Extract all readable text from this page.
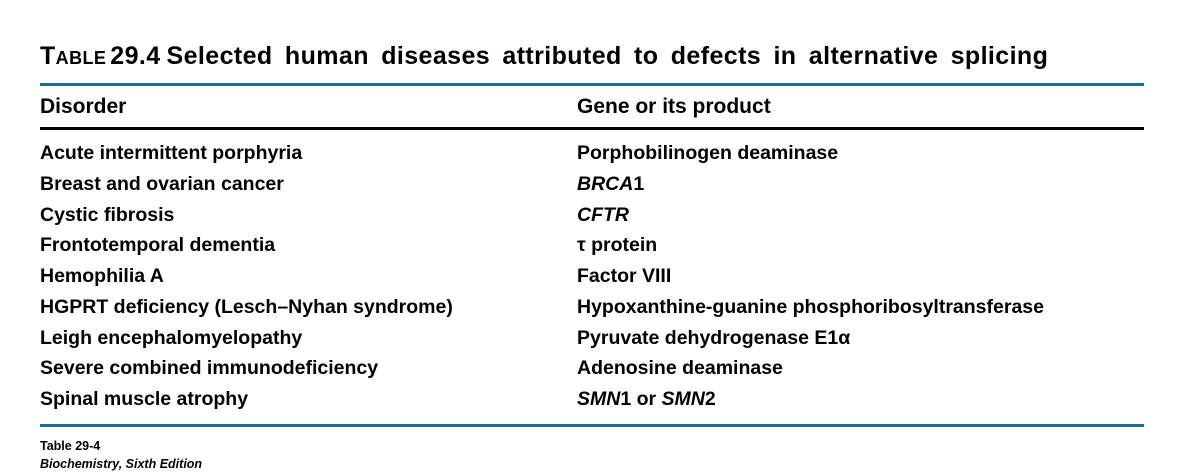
Table 29.4 Selected human diseases attributed to defects in alternative splicing
Disorder	Gene or its product
Acute intermittent porphyria	Porphobilinogen deaminase
Breast and ovarian cancer	BRCA1
Cystic fibrosis	CFTR
Frontotemporal dementia	τ protein
Hemophilia A	Factor VIII
HGPRT deficiency (Lesch–Nyhan syndrome)	Hypoxanthine-guanine phosphoribosyltransferase
Leigh encephalomyelopathy	Pyruvate dehydrogenase E1α
Severe combined immunodeficiency	Adenosine deaminase
Spinal muscle atrophy	SMN1 or SMN2
Table 29-4
Biochemistry, Sixth Edition
